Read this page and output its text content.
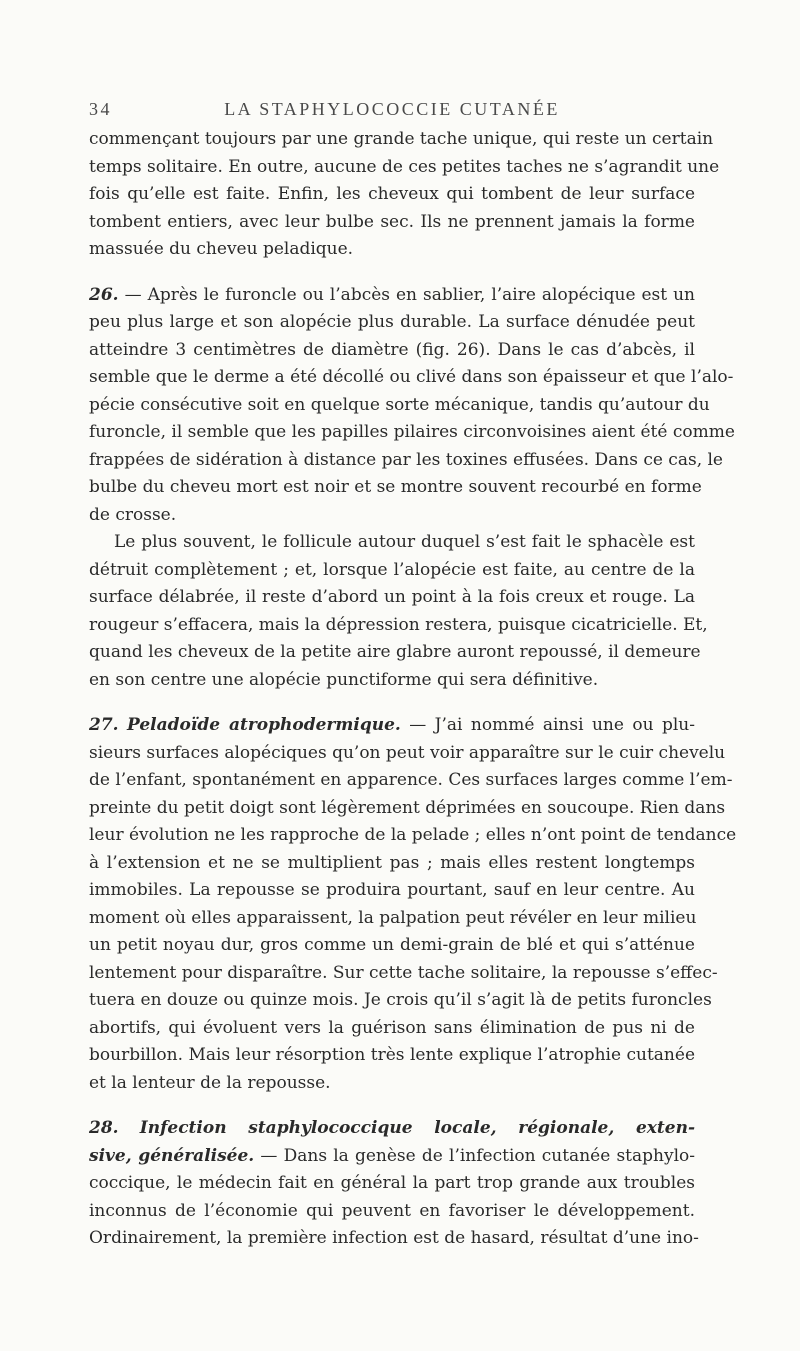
34	LA STAPHYLOCOCCIE CUTANÉE

commençant toujours par une grande tache unique, qui reste un certain
temps solitaire. En outre, aucune de ces petites taches ne s’agrandit une
fois qu’elle est faite. Enfin, les cheveux qui tombent de leur surface
tombent entiers, avec leur bulbe sec. Ils ne prennent jamais la forme
massuée du cheveu peladique.

26. — Après le furoncle ou l’abcès en sablier, l’aire alopécique est un
peu plus large et son alopécie plus durable. La surface dénudée peut
atteindre 3 centimètres de diamètre (fig. 26). Dans le cas d’abcès, il
semble que le derme a été décollé ou clivé dans son épaisseur et que l’alo-
pécie consécutive soit en quelque sorte mécanique, tandis qu’autour du
furoncle, il semble que les papilles pilaires circonvoisines aient été comme
frappées de sidération à distance par les toxines effusées. Dans ce cas, le
bulbe du cheveu mort est noir et se montre souvent recourbé en forme
de crosse.

Le plus souvent, le follicule autour duquel s’est fait le sphacèle est
détruit complètement ; et, lorsque l’alopécie est faite, au centre de la
surface délabrée, il reste d’abord un point à la fois creux et rouge. La
rougeur s’effacera, mais la dépression restera, puisque cicatricielle. Et,
quand les cheveux de la petite aire glabre auront repoussé, il demeure
en son centre une alopécie punctiforme qui sera définitive.

27. Peladoïde atrophodermique. — J’ai nommé ainsi une ou plu-
sieurs surfaces alopéciques qu’on peut voir apparaître sur le cuir chevelu
de l’enfant, spontanément en apparence. Ces surfaces larges comme l’em-
preinte du petit doigt sont légèrement déprimées en soucoupe. Rien dans
leur évolution ne les rapproche de la pelade ; elles n’ont point de tendance
à l’extension et ne se multiplient pas ; mais elles restent longtemps
immobiles. La repousse se produira pourtant, sauf en leur centre. Au
moment où elles apparaissent, la palpation peut révéler en leur milieu
un petit noyau dur, gros comme un demi-grain de blé et qui s’atténue
lentement pour disparaître. Sur cette tache solitaire, la repousse s’effec-
tuera en douze ou quinze mois. Je crois qu’il s’agit là de petits furoncles
abortifs, qui évoluent vers la guérison sans élimination de pus ni de
bourbillon. Mais leur résorption très lente explique l’atrophie cutanée
et la lenteur de la repousse.

28. Infection staphylococcique locale, régionale, exten-
sive, généralisée. — Dans la genèse de l’infection cutanée staphylo-
coccique, le médecin fait en général la part trop grande aux troubles
inconnus de l’économie qui peuvent en favoriser le développement.
Ordinairement, la première infection est de hasard, résultat d’une ino-
